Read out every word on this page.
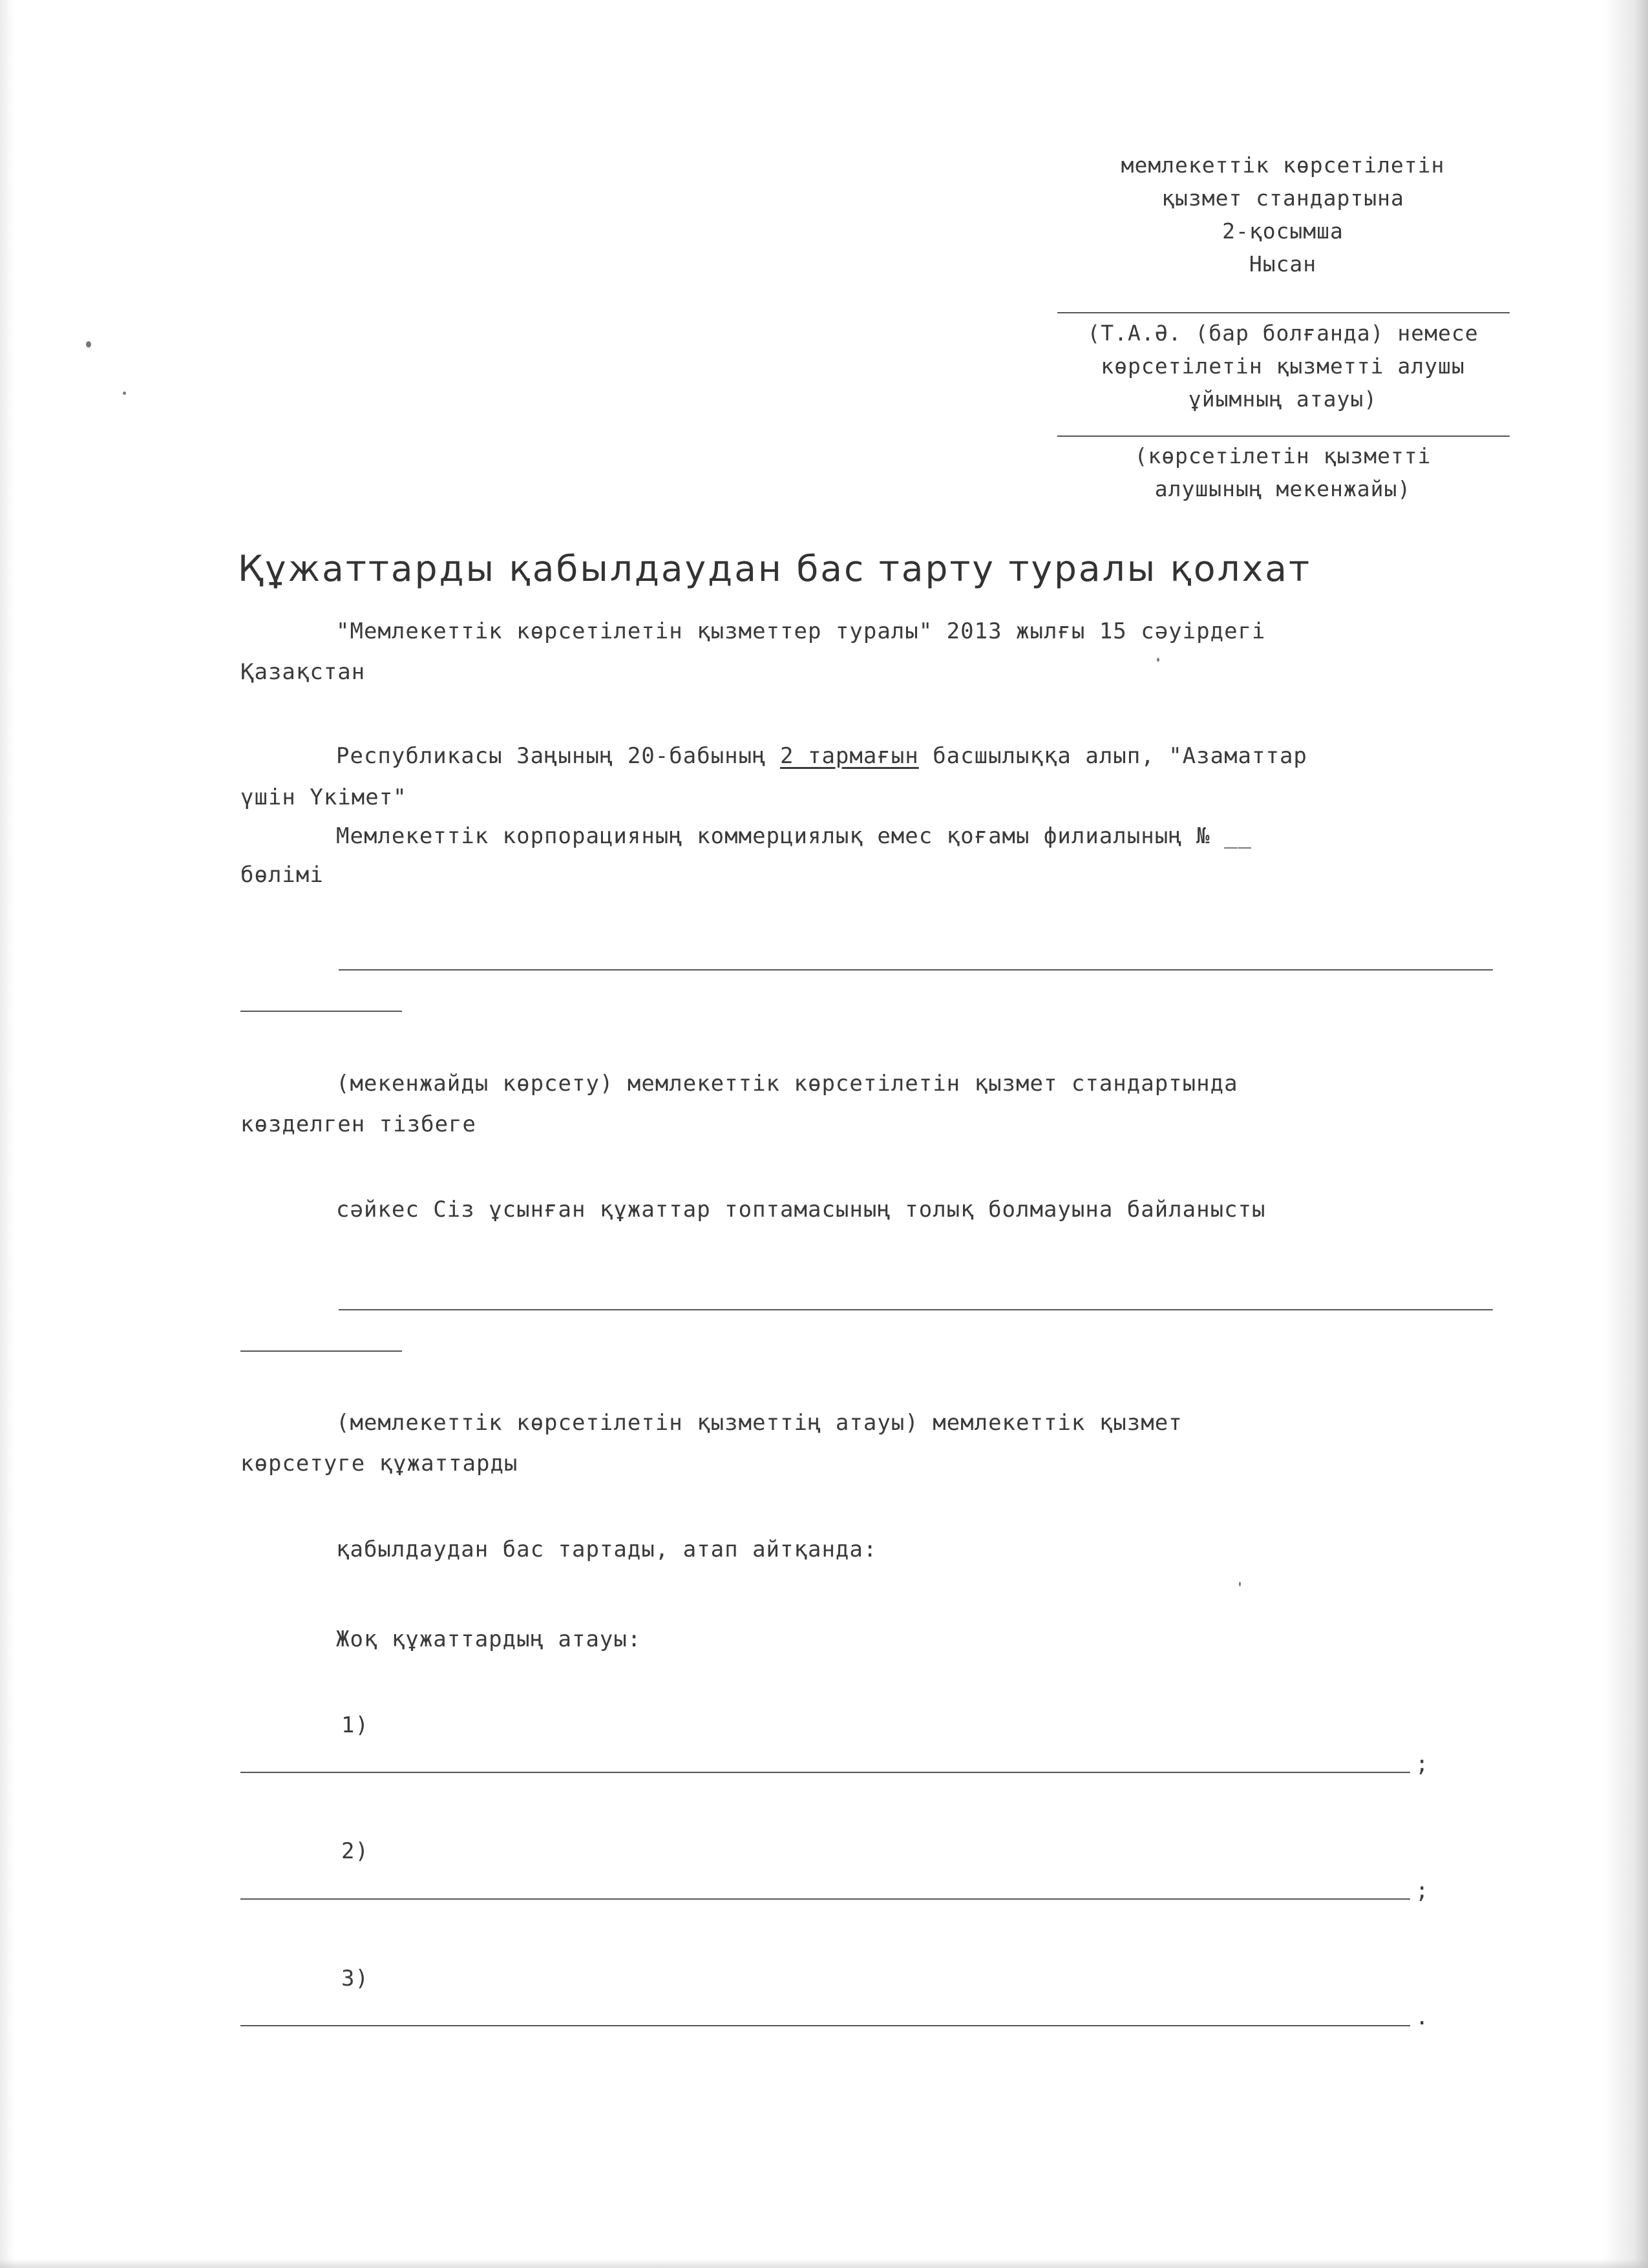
мемлекеттік көрсетілетін
қызмет стандартына
2-қосымша
Нысан
(Т.А.Ә. (бар болғанда) немесе
көрсетілетін қызметті алушы
ұйымның атауы)
(көрсетілетін қызметті
алушының мекенжайы)
Құжаттарды қабылдаудан бас тарту туралы қолхат
"Мемлекеттік көрсетілетін қызметтер туралы" 2013 жылғы 15 сәуірдегі
Қазақстан
Республикасы Заңының 20-бабының 2 тармағын басшылыққа алып, "Азаматтар
үшін Үкімет"
Мемлекеттік корпорацияның коммерциялық емес қоғамы филиалының № __
бөлімі
(мекенжайды көрсету) мемлекеттік көрсетілетін қызмет стандартында
көзделген тізбеге
сәйкес Сіз ұсынған құжаттар топтамасының толық болмауына байланысты
(мемлекеттік көрсетілетін қызметтің атауы) мемлекеттік қызмет
көрсетуге құжаттарды
қабылдаудан бас тартады, атап айтқанда:
Жоқ құжаттардың атауы:
1)
;
2)
;
3)
.
